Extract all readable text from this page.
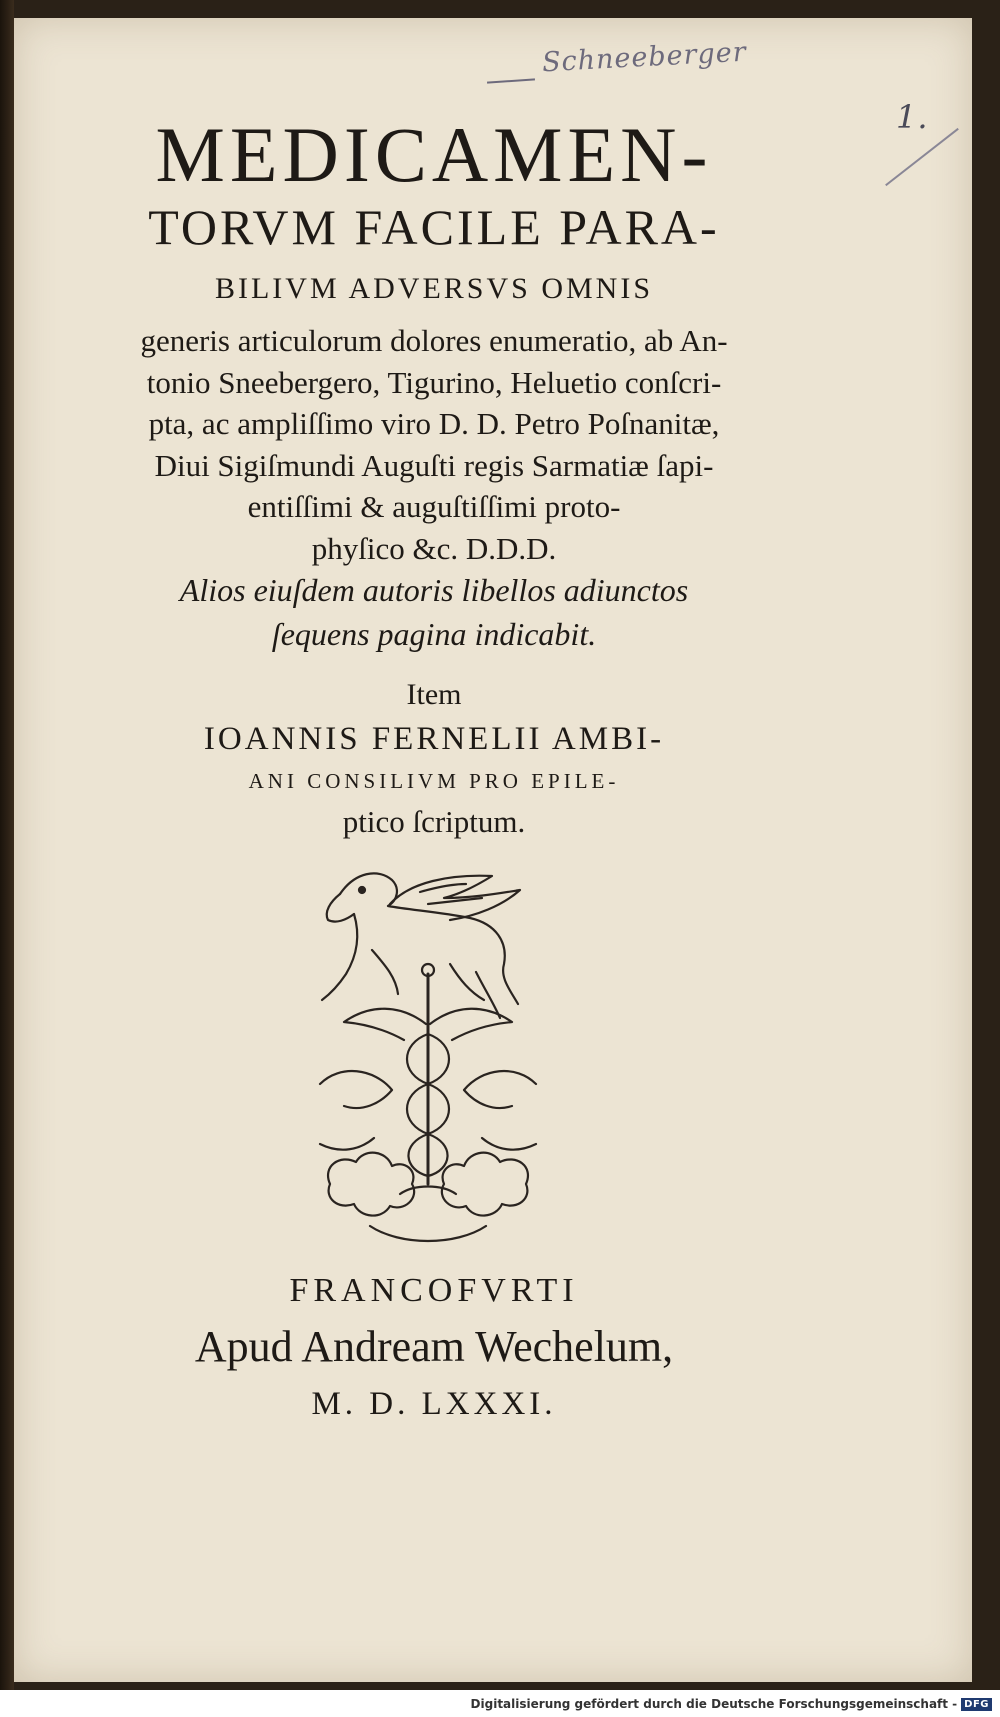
Schneeberger
1.
MEDICAMEN-
TORVM FACILE PARA-
BILIVM ADVERSVS OMNIS
generis articulorum dolores enumeratio, ab An-
tonio Sneebergero, Tigurino, Heluetio conſcri-
pta, ac ampliſſimo viro D. D. Petro Poſnanitæ,
Diui Sigiſmundi Auguſti regis Sarmatiæ ſapi-
entiſſimi & auguſtiſſimi proto-
phyſico &c. D.D.D.
Alios eiuſdem autoris libellos adiunctos
ſequens pagina indicabit.
Item
IOANNIS FERNELII AMBI-
ANI CONSILIVM PRO EPILE-
ptico ſcriptum.
FRANCOFVRTI
Apud Andream Wechelum,
M. D. LXXXI.
Digitalisierung gefördert durch die Deutsche Forschungsgemeinschaft - DFG
